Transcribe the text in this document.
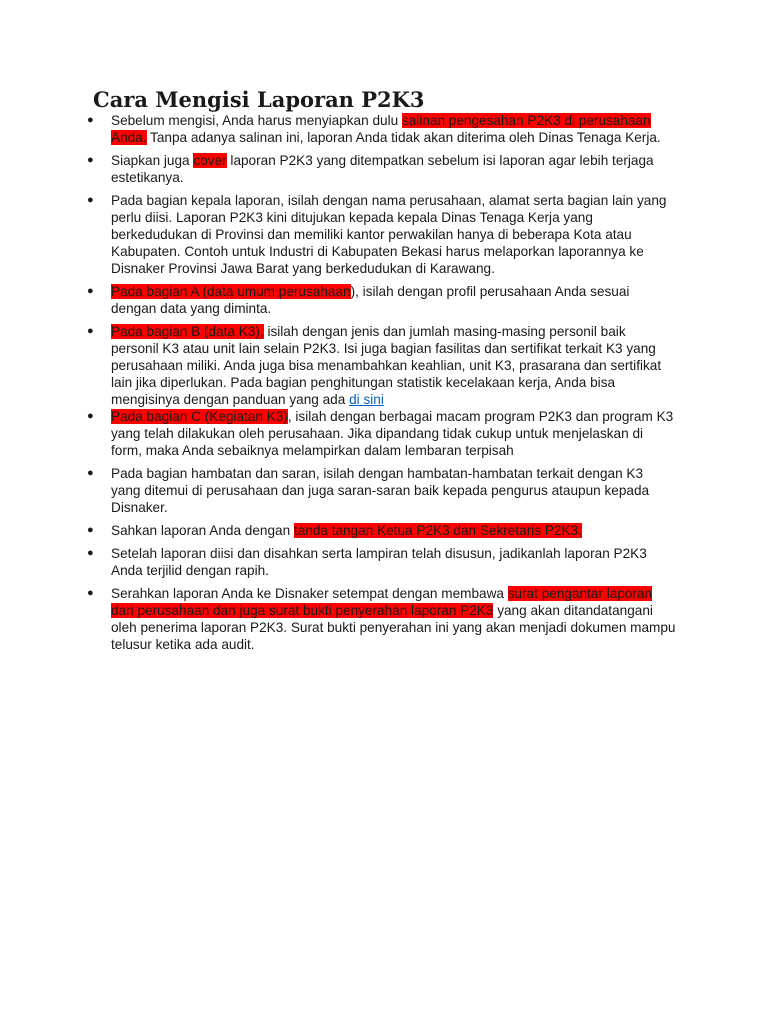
Cara Mengisi Laporan P2K3
● Sebelum mengisi, Anda harus menyiapkan dulu salinan pengesahan P2K3 di perusahaan Anda. Tanpa adanya salinan ini, laporan Anda tidak akan diterima oleh Dinas Tenaga Kerja.
● Siapkan juga cover laporan P2K3 yang ditempatkan sebelum isi laporan agar lebih terjaga estetikanya.
● Pada bagian kepala laporan, isilah dengan nama perusahaan, alamat serta bagian lain yang perlu diisi. Laporan P2K3 kini ditujukan kepada kepala Dinas Tenaga Kerja yang berkedudukan di Provinsi dan memiliki kantor perwakilan hanya di beberapa Kota atau Kabupaten. Contoh untuk Industri di Kabupaten Bekasi harus melaporkan laporannya ke Disnaker Provinsi Jawa Barat yang berkedudukan di Karawang.
● Pada bagian A (data umum perusahaan), isilah dengan profil perusahaan Anda sesuai dengan data yang diminta.
● Pada bagian B (data K3), isilah dengan jenis dan jumlah masing-masing personil baik personil K3 atau unit lain selain P2K3. Isi juga bagian fasilitas dan sertifikat terkait K3 yang perusahaan miliki. Anda juga bisa menambahkan keahlian, unit K3, prasarana dan sertifikat lain jika diperlukan. Pada bagian penghitungan statistik kecelakaan kerja, Anda bisa mengisinya dengan panduan yang ada di sini
● Pada bagian C (Kegiatan K3), isilah dengan berbagai macam program P2K3 dan program K3 yang telah dilakukan oleh perusahaan. Jika dipandang tidak cukup untuk menjelaskan di form, maka Anda sebaiknya melampirkan dalam lembaran terpisah
● Pada bagian hambatan dan saran, isilah dengan hambatan-hambatan terkait dengan K3 yang ditemui di perusahaan dan juga saran-saran baik kepada pengurus ataupun kepada Disnaker.
● Sahkan laporan Anda dengan tanda tangan Ketua P2K3 dan Sekretaris P2K3.
● Setelah laporan diisi dan disahkan serta lampiran telah disusun, jadikanlah laporan P2K3 Anda terjilid dengan rapih.
● Serahkan laporan Anda ke Disnaker setempat dengan membawa surat pengantar laporan dari perusahaan dan juga surat bukti penyerahan laporan P2K3 yang akan ditandatangani oleh penerima laporan P2K3. Surat bukti penyerahan ini yang akan menjadi dokumen mampu telusur ketika ada audit.
